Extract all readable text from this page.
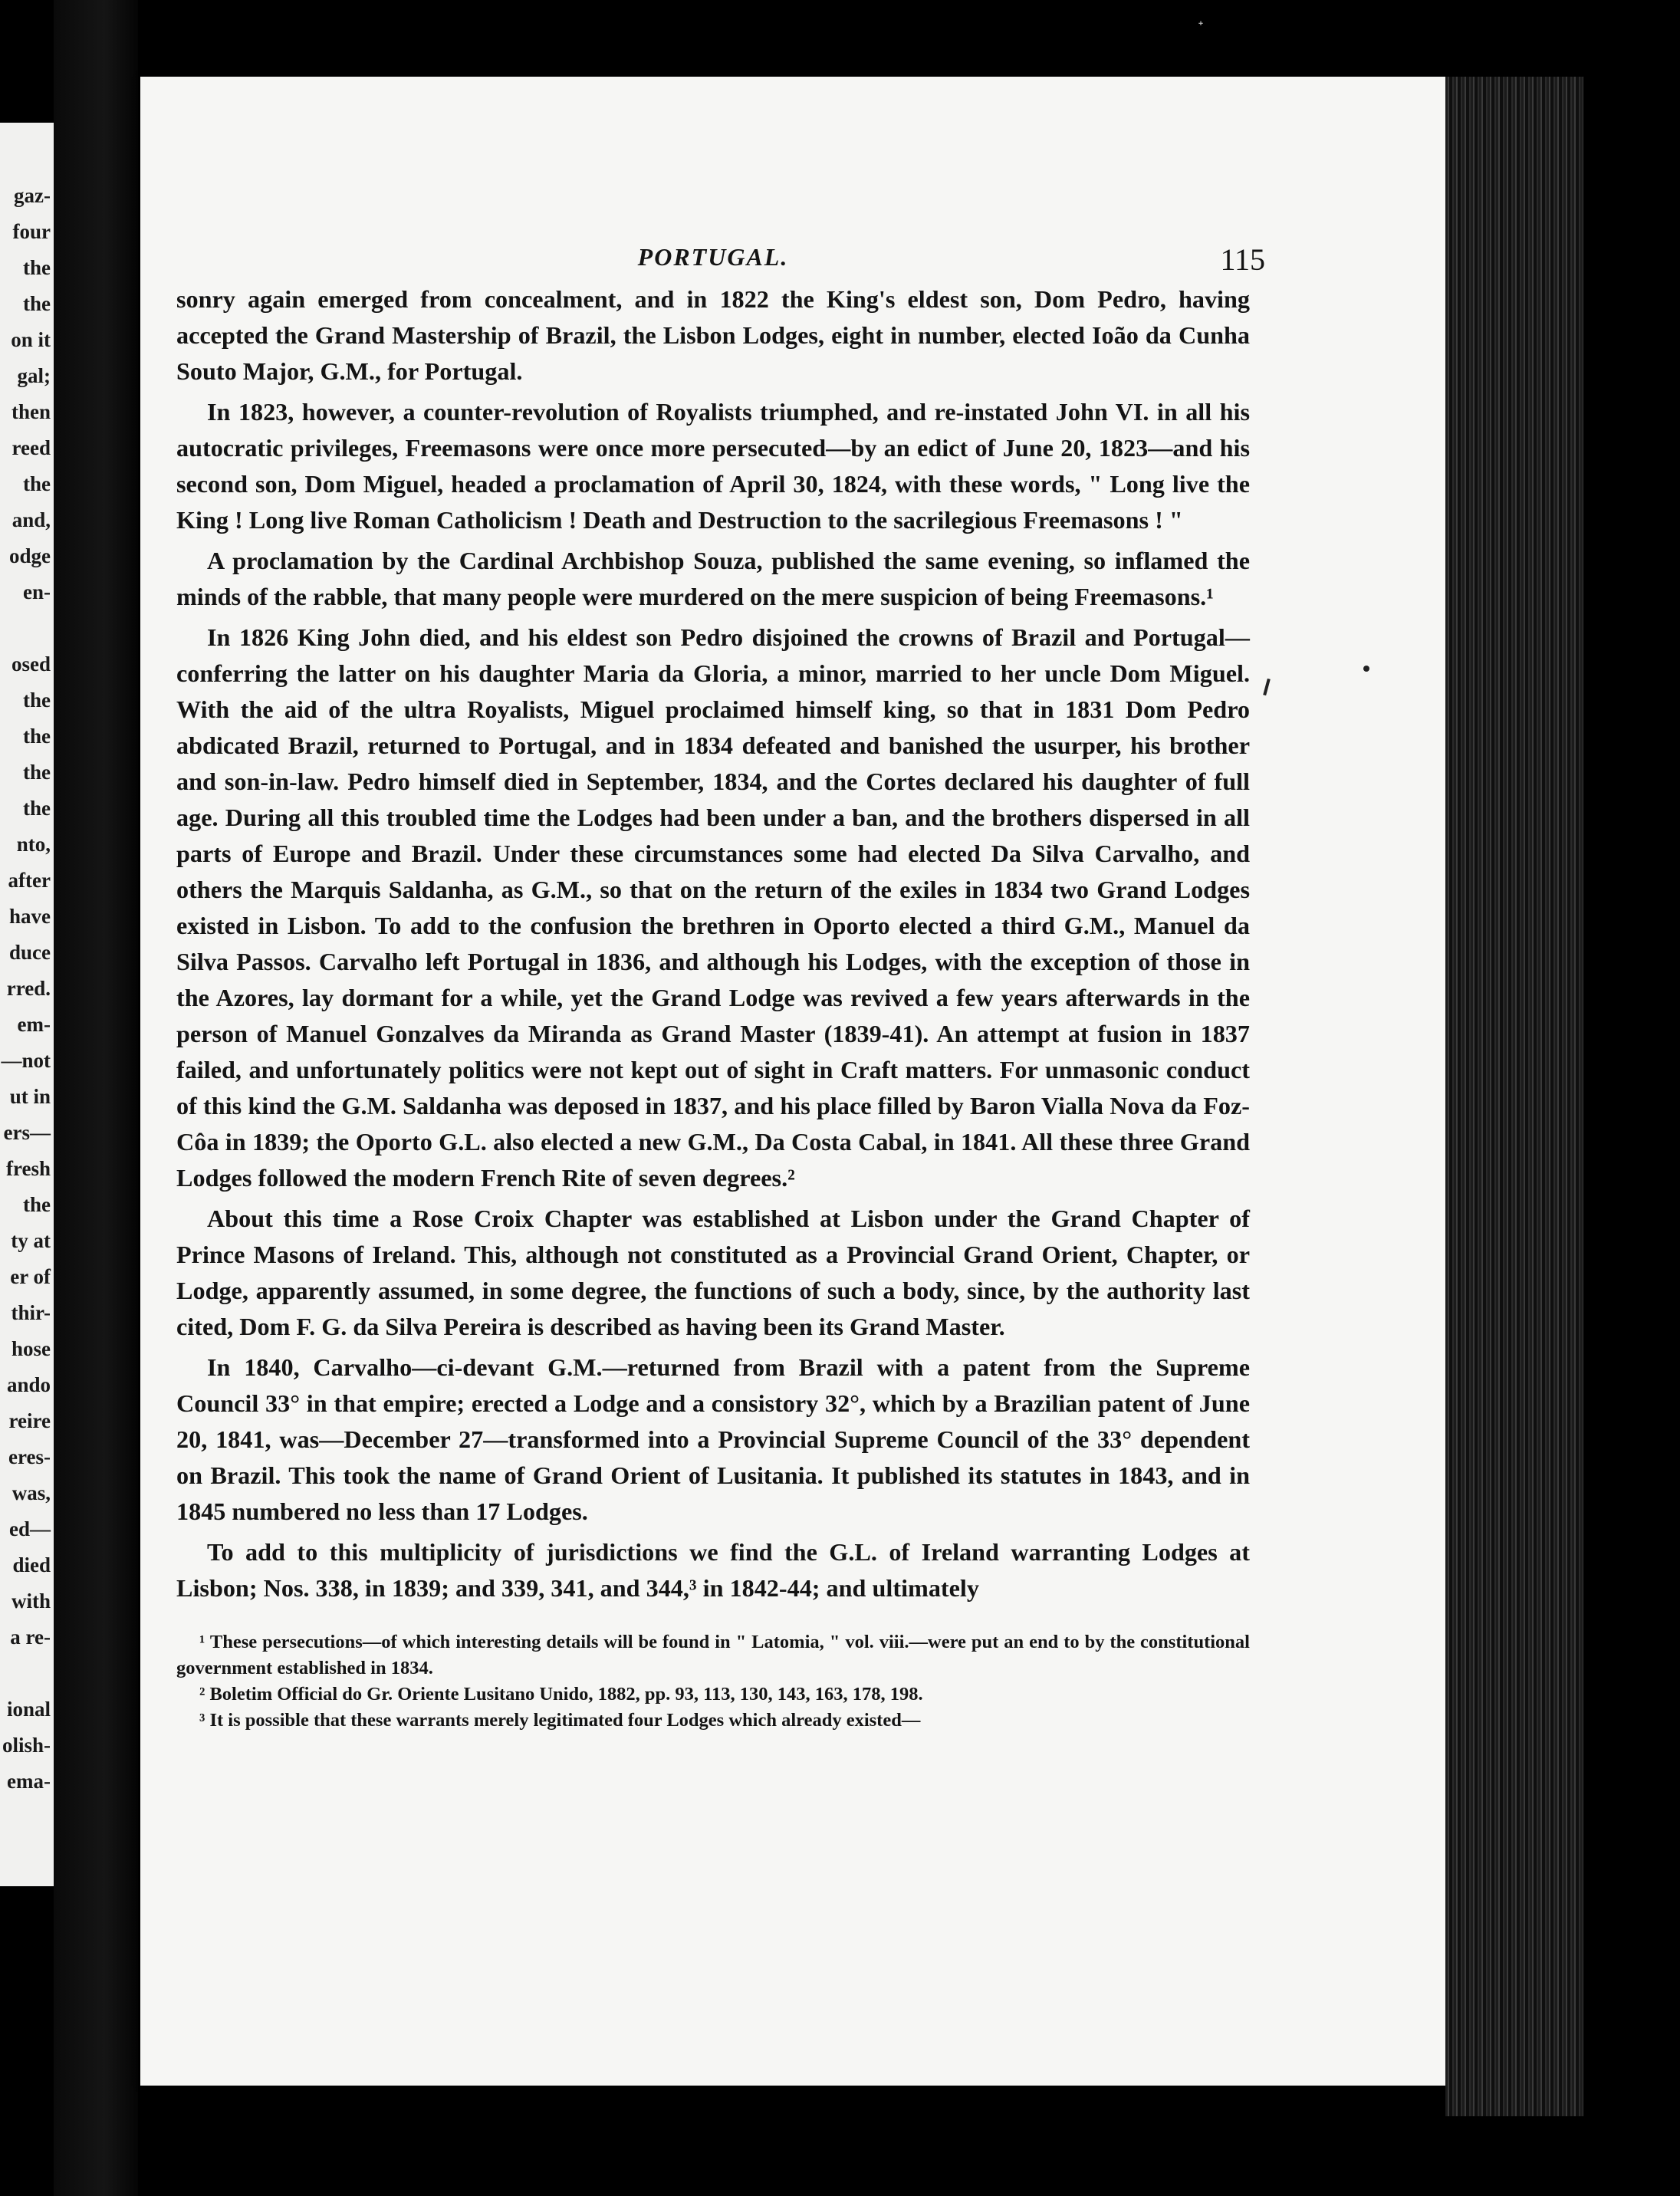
ᐩ
gaz-
four
the
the
on it
gal;
then
reed
the
and,
odge
en-
osed
the
the
the
the
nto,
after
have
duce
rred.
em-
—not
ut in
ers—
fresh
the
ty at
er of
thir-
hose
ando
reire
eres-
was,
ed—
died
with
a re-
ional
olish-
ema-
PORTUGAL.	115

sonry again emerged from concealment, and in 1822 the King's eldest son, Dom Pedro, having accepted the Grand Mastership of Brazil, the Lisbon Lodges, eight in number, elected Ioão da Cunha Souto Major, G.M., for Portugal.

In 1823, however, a counter-revolution of Royalists triumphed, and re-instated John VI. in all his autocratic privileges, Freemasons were once more persecuted—by an edict of June 20, 1823—and his second son, Dom Miguel, headed a proclamation of April 30, 1824, with these words, " Long live the King ! Long live Roman Catholicism ! Death and Destruction to the sacrilegious Freemasons ! "

A proclamation by the Cardinal Archbishop Souza, published the same evening, so inflamed the minds of the rabble, that many people were murdered on the mere suspicion of being Freemasons.¹

In 1826 King John died, and his eldest son Pedro disjoined the crowns of Brazil and Portugal—conferring the latter on his daughter Maria da Gloria, a minor, married to her uncle Dom Miguel. With the aid of the ultra Royalists, Miguel proclaimed himself king, so that in 1831 Dom Pedro abdicated Brazil, returned to Portugal, and in 1834 defeated and banished the usurper, his brother and son-in-law. Pedro himself died in September, 1834, and the Cortes declared his daughter of full age. During all this troubled time the Lodges had been under a ban, and the brothers dispersed in all parts of Europe and Brazil. Under these circumstances some had elected Da Silva Carvalho, and others the Marquis Saldanha, as G.M., so that on the return of the exiles in 1834 two Grand Lodges existed in Lisbon. To add to the confusion the brethren in Oporto elected a third G.M., Manuel da Silva Passos. Carvalho left Portugal in 1836, and although his Lodges, with the exception of those in the Azores, lay dormant for a while, yet the Grand Lodge was revived a few years afterwards in the person of Manuel Gonzalves da Miranda as Grand Master (1839-41). An attempt at fusion in 1837 failed, and unfortunately politics were not kept out of sight in Craft matters. For unmasonic conduct of this kind the G.M. Saldanha was deposed in 1837, and his place filled by Baron Vialla Nova da Foz-Côa in 1839; the Oporto G.L. also elected a new G.M., Da Costa Cabal, in 1841. All these three Grand Lodges followed the modern French Rite of seven degrees.²

About this time a Rose Croix Chapter was established at Lisbon under the Grand Chapter of Prince Masons of Ireland. This, although not constituted as a Provincial Grand Orient, Chapter, or Lodge, apparently assumed, in some degree, the functions of such a body, since, by the authority last cited, Dom F. G. da Silva Pereira is described as having been its Grand Master.

In 1840, Carvalho—ci-devant G.M.—returned from Brazil with a patent from the Supreme Council 33° in that empire; erected a Lodge and a consistory 32°, which by a Brazilian patent of June 20, 1841, was—December 27—transformed into a Provincial Supreme Council of the 33° dependent on Brazil. This took the name of Grand Orient of Lusitania. It published its statutes in 1843, and in 1845 numbered no less than 17 Lodges.

To add to this multiplicity of jurisdictions we find the G.L. of Ireland warranting Lodges at Lisbon; Nos. 338, in 1839; and 339, 341, and 344,³ in 1842-44; and ultimately

¹ These persecutions—of which interesting details will be found in " Latomia, " vol. viii.—were put an end to by the constitutional government established in 1834.

² Boletim Official do Gr. Oriente Lusitano Unido, 1882, pp. 93, 113, 130, 143, 163, 178, 198.

³ It is possible that these warrants merely legitimated four Lodges which already existed—
